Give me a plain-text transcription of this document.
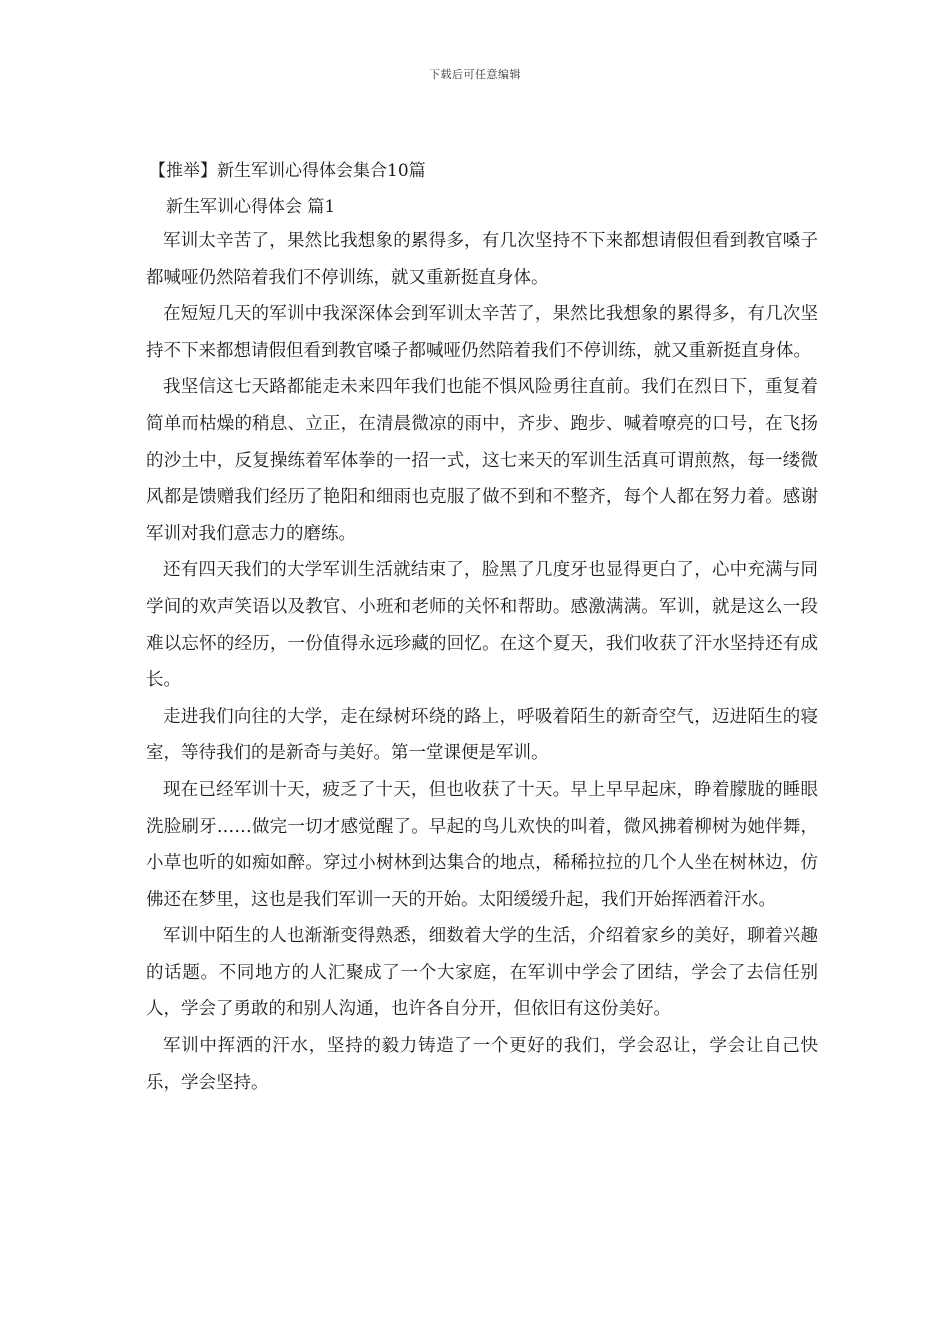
下载后可任意编辑
【推举】新生军训心得体会集合10篇
新生军训心得体会 篇1

军训太辛苦了，果然比我想象的累得多，有几次坚持不下来都想请假但看到教官嗓子都喊哑仍然陪着我们不停训练，就又重新挺直身体。

在短短几天的军训中我深深体会到军训太辛苦了，果然比我想象的累得多，有几次坚持不下来都想请假但看到教官嗓子都喊哑仍然陪着我们不停训练，就又重新挺直身体。

我坚信这七天路都能走未来四年我们也能不惧风险勇往直前。我们在烈日下，重复着简单而枯燥的稍息、立正，在清晨微凉的雨中，齐步、跑步、喊着嘹亮的口号，在飞扬的沙土中，反复操练着军体拳的一招一式，这七来天的军训生活真可谓煎熬，每一缕微风都是馈赠我们经历了艳阳和细雨也克服了做不到和不整齐，每个人都在努力着。感谢军训对我们意志力的磨练。

还有四天我们的大学军训生活就结束了，脸黑了几度牙也显得更白了，心中充满与同学间的欢声笑语以及教官、小班和老师的关怀和帮助。感激满满。军训，就是这么一段难以忘怀的经历，一份值得永远珍藏的回忆。在这个夏天，我们收获了汗水坚持还有成长。

走进我们向往的大学，走在绿树环绕的路上，呼吸着陌生的新奇空气，迈进陌生的寝室，等待我们的是新奇与美好。第一堂课便是军训。

现在已经军训十天，疲乏了十天，但也收获了十天。早上早早起床，睁着朦胧的睡眼洗脸刷牙……做完一切才感觉醒了。早起的鸟儿欢快的叫着，微风拂着柳树为她伴舞，小草也听的如痴如醉。穿过小树林到达集合的地点，稀稀拉拉的几个人坐在树林边，仿佛还在梦里，这也是我们军训一天的开始。太阳缓缓升起，我们开始挥洒着汗水。

军训中陌生的人也渐渐变得熟悉，细数着大学的生活，介绍着家乡的美好，聊着兴趣的话题。不同地方的人汇聚成了一个大家庭，在军训中学会了团结，学会了去信任别人，学会了勇敢的和别人沟通，也许各自分开，但依旧有这份美好。

军训中挥洒的汗水，坚持的毅力铸造了一个更好的我们，学会忍让，学会让自己快乐，学会坚持。
